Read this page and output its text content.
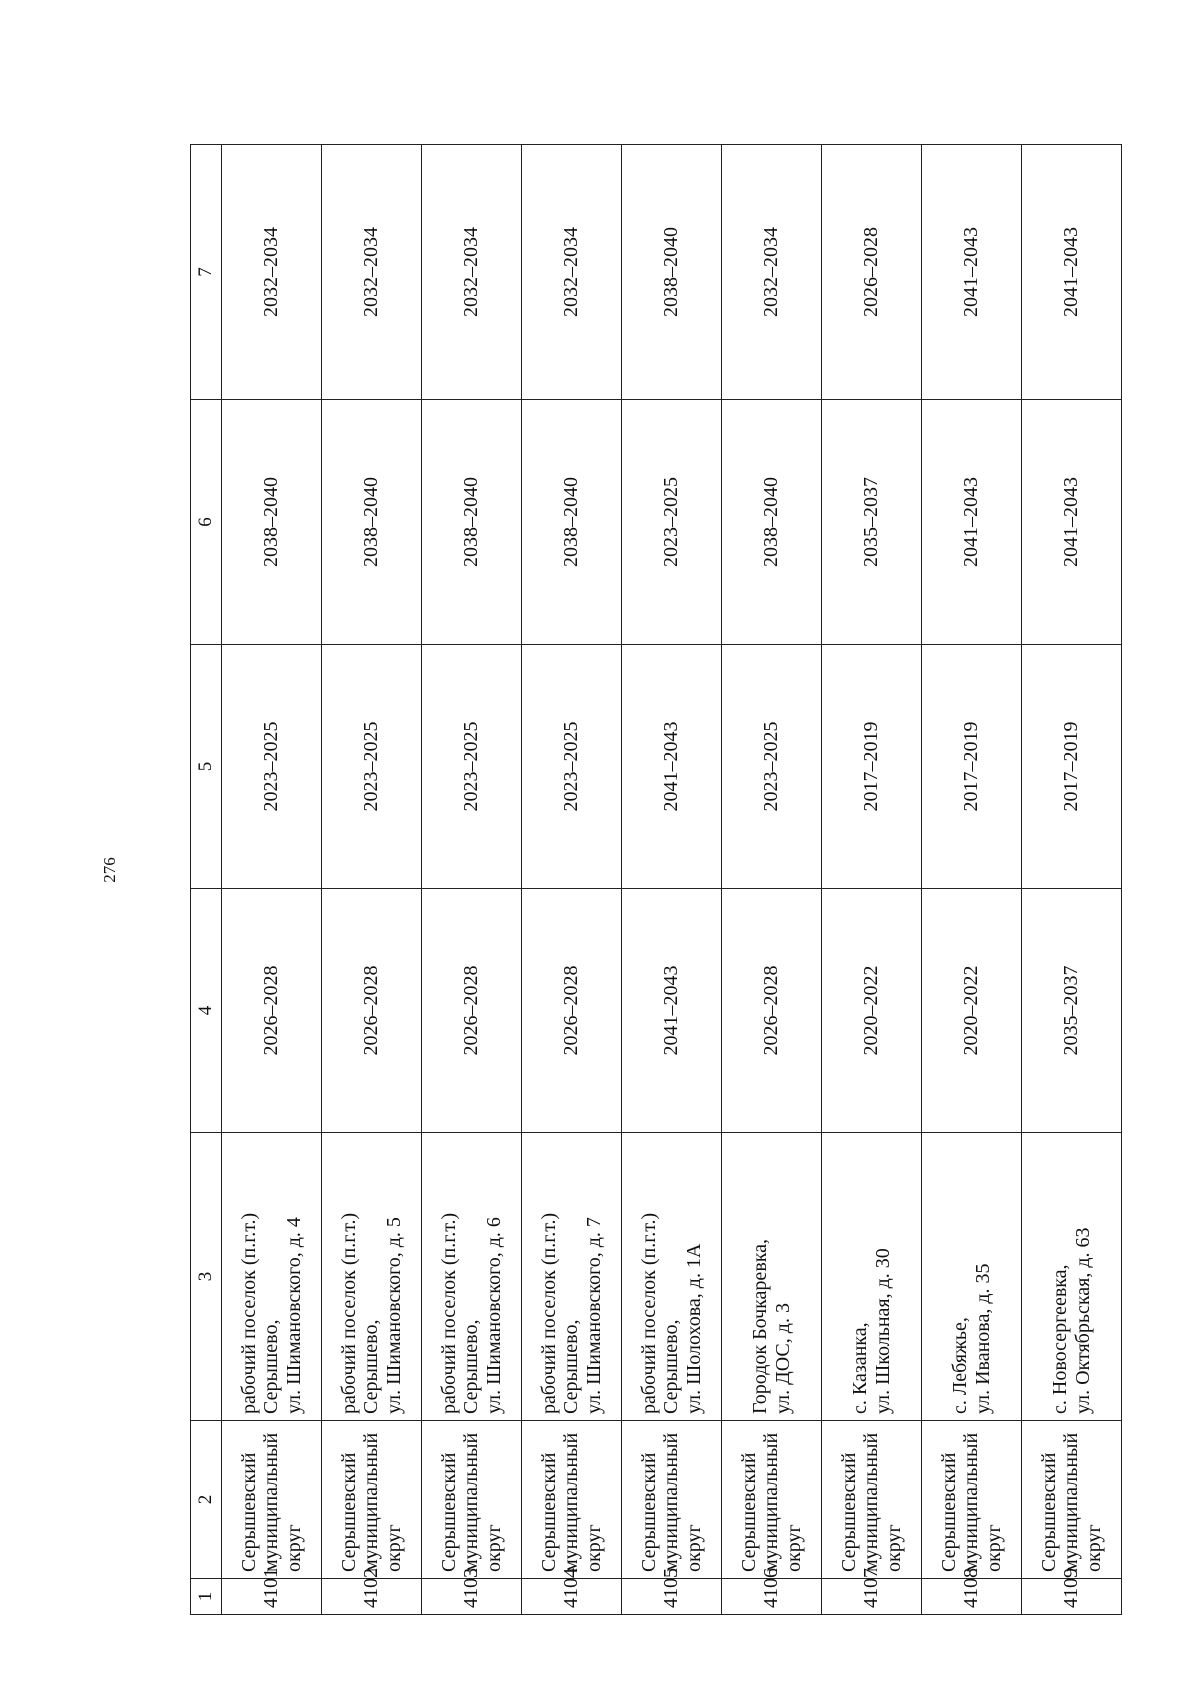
276
1	2	3	4	5	6	7
4101	Серышевский муниципальный округ	рабочий поселок (п.г.т.) Серышево, ул. Шимановского, д. 4	2026–2028	2023–2025	2038–2040	2032–2034
4102	Серышевский муниципальный округ	рабочий поселок (п.г.т.) Серышево, ул. Шимановского, д. 5	2026–2028	2023–2025	2038–2040	2032–2034
4103	Серышевский муниципальный округ	рабочий поселок (п.г.т.) Серышево, ул. Шимановского, д. 6	2026–2028	2023–2025	2038–2040	2032–2034
4104	Серышевский муниципальный округ	рабочий поселок (п.г.т.) Серышево, ул. Шимановского, д. 7	2026–2028	2023–2025	2038–2040	2032–2034
4105	Серышевский муниципальный округ	рабочий поселок (п.г.т.) Серышево, ул. Шолохова, д. 1А	2041–2043	2041–2043	2023–2025	2038–2040
4106	Серышевский муниципальный округ	Городок Бочкаревка, ул. ДОС, д. 3	2026–2028	2023–2025	2038–2040	2032–2034
4107	Серышевский муниципальный округ	с. Казанка, ул. Школьная, д. 30	2020–2022	2017–2019	2035–2037	2026–2028
4108	Серышевский муниципальный округ	с. Лебяжье, ул. Иванова, д. 35	2020–2022	2017–2019	2041–2043	2041–2043
4109	Серышевский муниципальный округ	с. Новосергеевка, ул. Октябрьская, д. 63	2035–2037	2017–2019	2041–2043	2041–2043
